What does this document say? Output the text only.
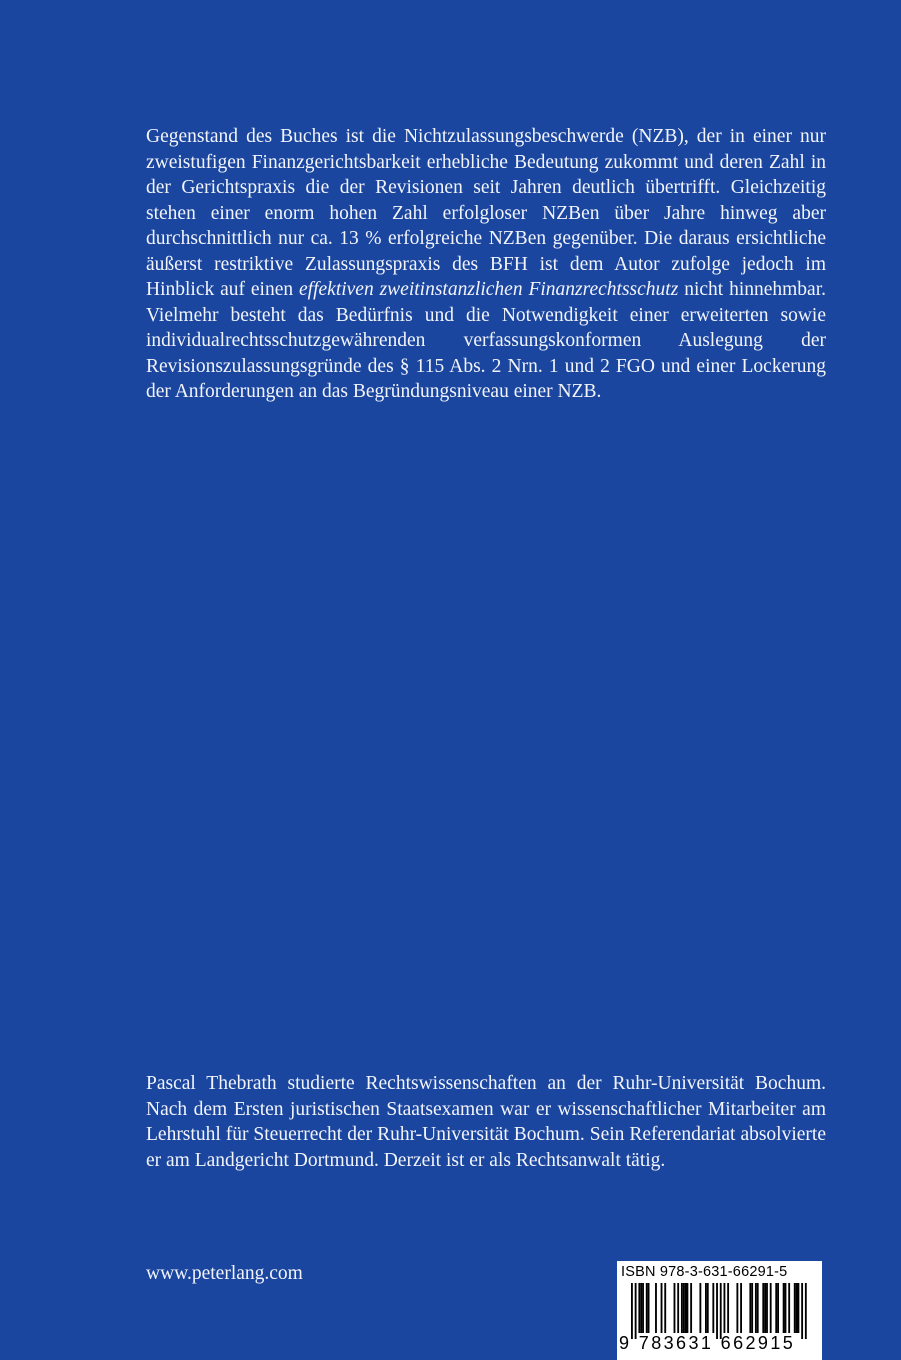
Gegenstand des Buches ist die Nichtzulassungsbeschwerde (NZB), der in einer nur zweistufigen Finanzgerichtsbarkeit erhebliche Bedeutung zukommt und deren Zahl in der Gerichtspraxis die der Revisionen seit Jahren deutlich übertrifft. Gleichzeitig stehen einer enorm hohen Zahl erfolgloser NZBen über Jahre hinweg aber durchschnittlich nur ca. 13 % erfolgreiche NZBen gegenüber. Die daraus ersichtliche äußerst restriktive Zulassungspraxis des BFH ist dem Autor zufolge jedoch im Hinblick auf einen effektiven zweitinstanzlichen Finanzrechtsschutz nicht hinnehmbar. Vielmehr besteht das Bedürfnis und die Notwendigkeit einer erweiterten sowie individualrechtsschutzgewährenden verfassungskonformen Auslegung der Revisionszulassungsgründe des § 115 Abs. 2 Nrn. 1 und 2 FGO und einer Lockerung der Anforderungen an das Begründungsniveau einer NZB.

Pascal Thebrath studierte Rechtswissenschaften an der Ruhr-Universität Bochum. Nach dem Ersten juristischen Staatsexamen war er wissenschaftlicher Mitarbeiter am Lehrstuhl für Steuerrecht der Ruhr-Universität Bochum. Sein Referendariat absolvierte er am Landgericht Dortmund. Derzeit ist er als Rechtsanwalt tätig.

www.peterlang.com	ISBN 978-3-631-66291-5
9 783631 662915
